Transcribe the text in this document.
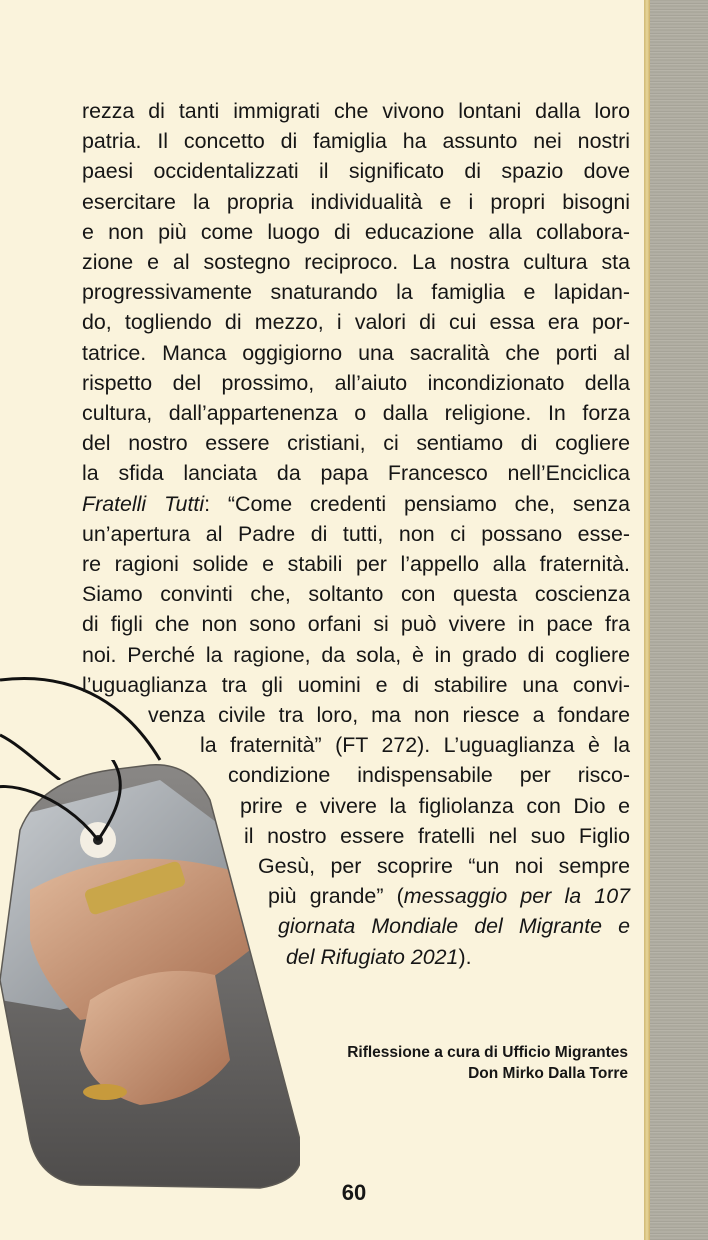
rezza di tanti immigrati che vivono lontani dalla loro
patria. Il concetto di famiglia ha assunto nei nostri
paesi occidentalizzati il significato di spazio dove
esercitare la propria individualità e i propri bisogni
e non più come luogo di educazione alla collabora-
zione e al sostegno reciproco. La nostra cultura sta
progressivamente snaturando la famiglia e lapidan-
do, togliendo di mezzo, i valori di cui essa era por-
tatrice. Manca oggigiorno una sacralità che porti al
rispetto del prossimo, all’aiuto incondizionato della
cultura, dall’appartenenza o dalla religione. In forza
del nostro essere cristiani, ci sentiamo di cogliere
la sfida lanciata da papa Francesco nell’Enciclica
Fratelli Tutti: “Come credenti pensiamo che, senza
un’apertura al Padre di tutti, non ci possano esse-
re ragioni solide e stabili per l’appello alla fraternità.
Siamo convinti che, soltanto con questa coscienza
di figli che non sono orfani si può vivere in pace fra
noi. Perché la ragione, da sola, è in grado di cogliere
l’uguaglianza tra gli uomini e di stabilire una convi-
venza civile tra loro, ma non riesce a fondare
la fraternità” (FT 272). L’uguaglianza è la
condizione indispensabile per risco-
prire e vivere la figliolanza con Dio e
il nostro essere fratelli nel suo Figlio
Gesù, per scoprire “un noi sempre
più grande” (messaggio per la 107
giornata Mondiale del Migrante e
del Rifugiato 2021).
Riflessione a cura di Ufficio Migrantes
Don Mirko Dalla Torre
60
